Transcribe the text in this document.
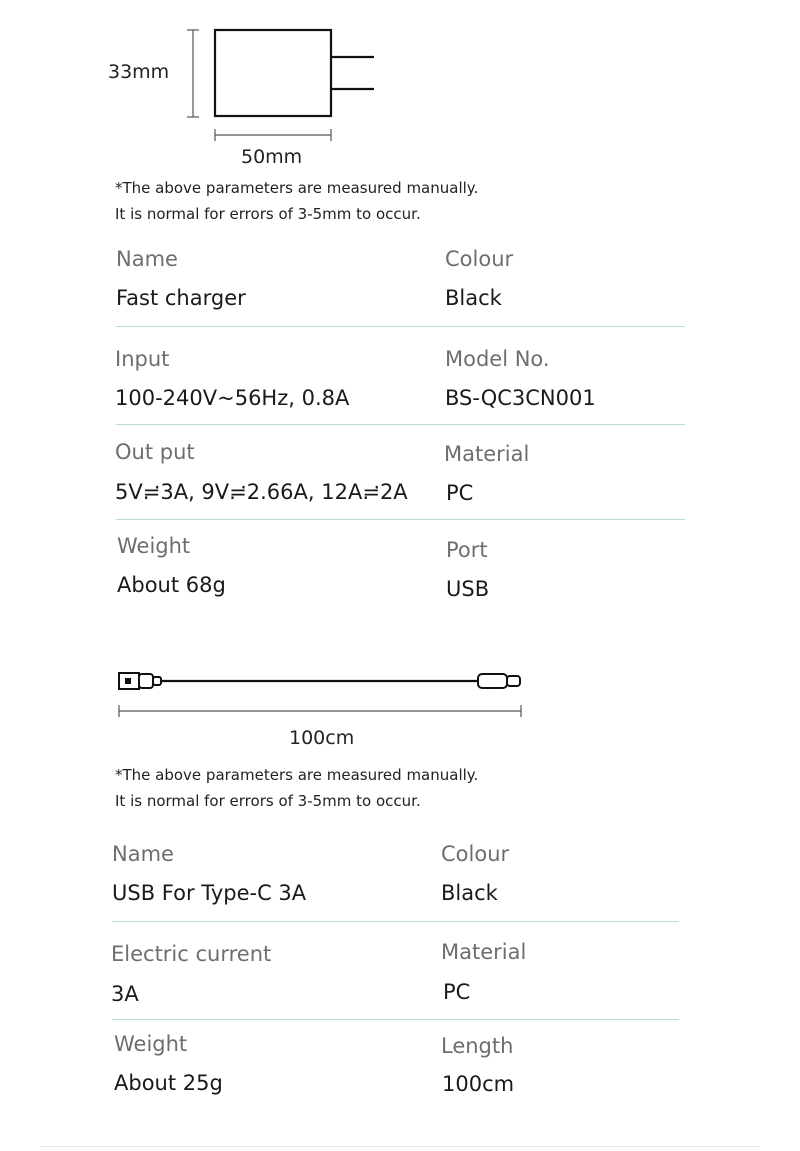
33mm
50mm
*The above parameters are measured manually.
It is normal for errors of 3-5mm to occur.
Name
Fast charger
Colour
Black
Input
100-240V~56Hz, 0.8A
Model No.
BS-QC3CN001
Out put
5V≓3A, 9V≓2.66A, 12A≓2A
Material
PC
Weight
About 68g
Port
USB
100cm
*The above parameters are measured manually.
It is normal for errors of 3-5mm to occur.
Name
USB For Type-C 3A
Colour
Black
Electric current
3A
Material
PC
Weight
About 25g
Length
100cm
